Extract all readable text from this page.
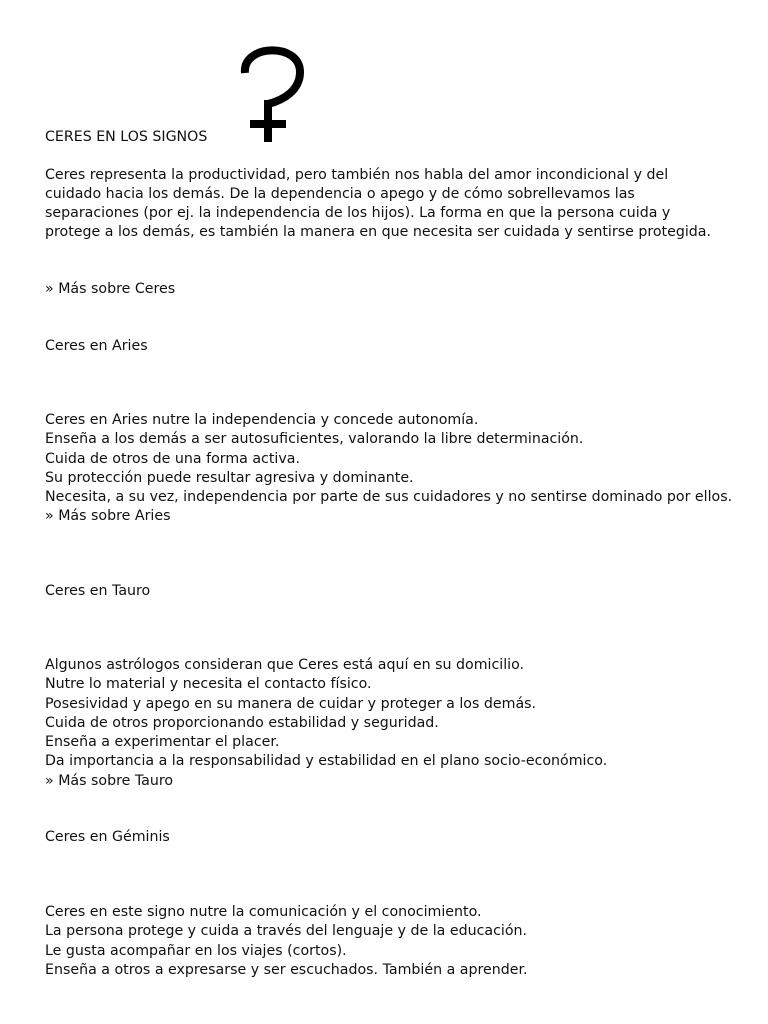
CERES EN LOS SIGNOS
Ceres representa la productividad, pero también nos habla del amor incondicional y del cuidado hacia los demás. De la dependencia o apego y de cómo sobrellevamos las separaciones (por ej. la independencia de los hijos). La forma en que la persona cuida y protege a los demás, es también la manera en que necesita ser cuidada y sentirse protegida.
» Más sobre Ceres
Ceres en Aries
Ceres en Aries nutre la independencia y concede autonomía.
Enseña a los demás a ser autosuficientes, valorando la libre determinación.
Cuida de otros de una forma activa.
Su protección puede resultar agresiva y dominante.
Necesita, a su vez, independencia por parte de sus cuidadores y no sentirse dominado por ellos.
» Más sobre Aries
Ceres en Tauro
Algunos astrólogos consideran que Ceres está aquí en su domicilio.
Nutre lo material y necesita el contacto físico.
Posesividad y apego en su manera de cuidar y proteger a los demás.
Cuida de otros proporcionando estabilidad y seguridad.
Enseña a experimentar el placer.
Da importancia a la responsabilidad y estabilidad en el plano socio-económico.
» Más sobre Tauro
Ceres en Géminis
Ceres en este signo nutre la comunicación y el conocimiento.
La persona protege y cuida a través del lenguaje y de la educación.
Le gusta acompañar en los viajes (cortos).
Enseña a otros a expresarse y ser escuchados. También a aprender.
